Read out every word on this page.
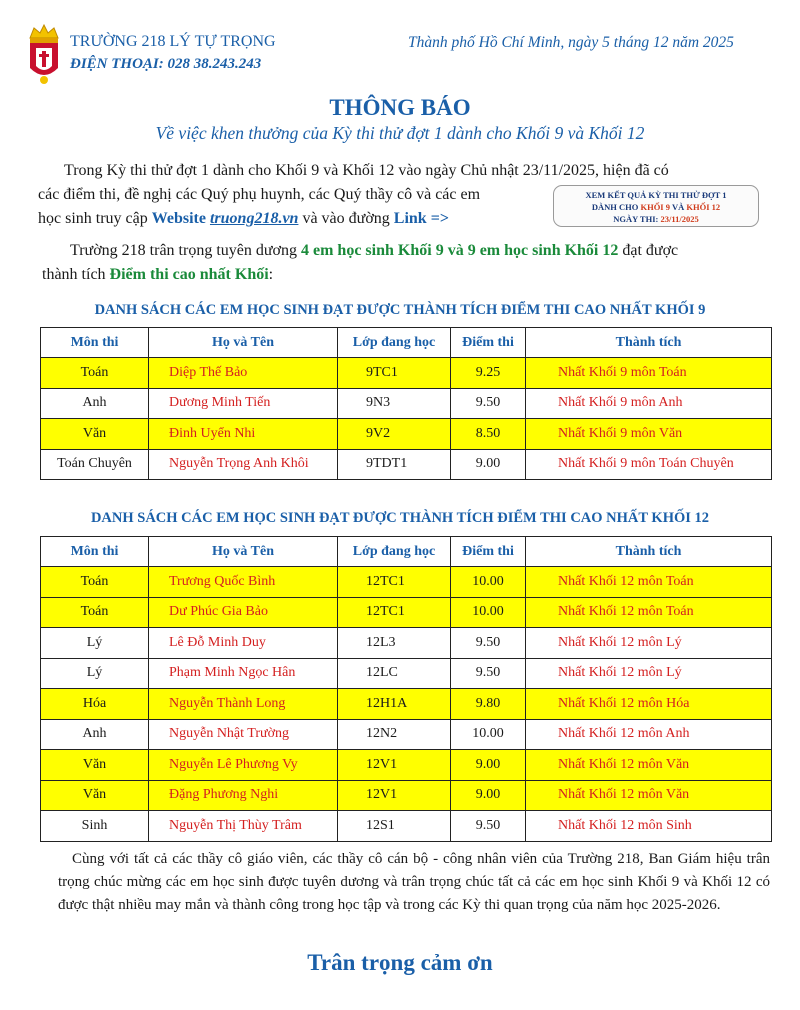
TRƯỜNG 218 LÝ TỰ TRỌNG
ĐIỆN THOẠI: 028 38.243.243
Thành phố Hồ Chí Minh, ngày 5 tháng 12 năm 2025
THÔNG BÁO
Về việc khen thưởng của Kỳ thi thử đợt 1 dành cho Khối 9 và Khối 12
Trong Kỳ thi thử đợt 1 dành cho Khối 9 và Khối 12 vào ngày Chủ nhật 23/11/2025, hiện đã có
các điểm thi, đề nghị các Quý phụ huynh, các Quý thầy cô và các em
học sinh truy cập Website truong218.vn và vào đường Link =>
XEM KẾT QUẢ KỲ THI THỬ ĐỢT 1
DÀNH CHO KHỐI 9 VÀ KHỐI 12
NGÀY THI: 23/11/2025
Trường 218 trân trọng tuyên dương 4 em học sinh Khối 9 và 9 em học sinh Khối 12 đạt được
thành tích Điểm thi cao nhất Khối:
DANH SÁCH CÁC EM HỌC SINH ĐẠT ĐƯỢC THÀNH TÍCH ĐIỂM THI CAO NHẤT KHỐI 9
Môn thi	Họ và Tên	Lớp đang học	Điểm thi	Thành tích
Toán	Diệp Thế Bảo	9TC1	9.25	Nhất Khối 9 môn Toán
Anh	Dương Minh Tiến	9N3	9.50	Nhất Khối 9 môn Anh
Văn	Đinh Uyển Nhi	9V2	8.50	Nhất Khối 9 môn Văn
Toán Chuyên	Nguyễn Trọng Anh Khôi	9TDT1	9.00	Nhất Khối 9 môn Toán Chuyên
DANH SÁCH CÁC EM HỌC SINH ĐẠT ĐƯỢC THÀNH TÍCH ĐIỂM THI CAO NHẤT KHỐI 12
Môn thi	Họ và Tên	Lớp đang học	Điểm thi	Thành tích
Toán	Trương Quốc Bình	12TC1	10.00	Nhất Khối 12 môn Toán
Toán	Dư Phúc Gia Bảo	12TC1	10.00	Nhất Khối 12 môn Toán
Lý	Lê Đỗ Minh Duy	12L3	9.50	Nhất Khối 12 môn Lý
Lý	Phạm Minh Ngọc Hân	12LC	9.50	Nhất Khối 12 môn Lý
Hóa	Nguyễn Thành Long	12H1A	9.80	Nhất Khối 12 môn Hóa
Anh	Nguyễn Nhật Trường	12N2	10.00	Nhất Khối 12 môn Anh
Văn	Nguyễn Lê Phương Vy	12V1	9.00	Nhất Khối 12 môn Văn
Văn	Đặng Phương Nghi	12V1	9.00	Nhất Khối 12 môn Văn
Sinh	Nguyễn Thị Thùy Trâm	12S1	9.50	Nhất Khối 12 môn Sinh
Cùng với tất cả các thầy cô giáo viên, các thầy cô cán bộ - công nhân viên của Trường 218, Ban Giám hiệu trân trọng chúc mừng các em học sinh được tuyên dương và trân trọng chúc tất cả các em học sinh Khối 9 và Khối 12 có được thật nhiều may mắn và thành công trong học tập và trong các Kỳ thi quan trọng của năm học 2025-2026.
Trân trọng cảm ơn
